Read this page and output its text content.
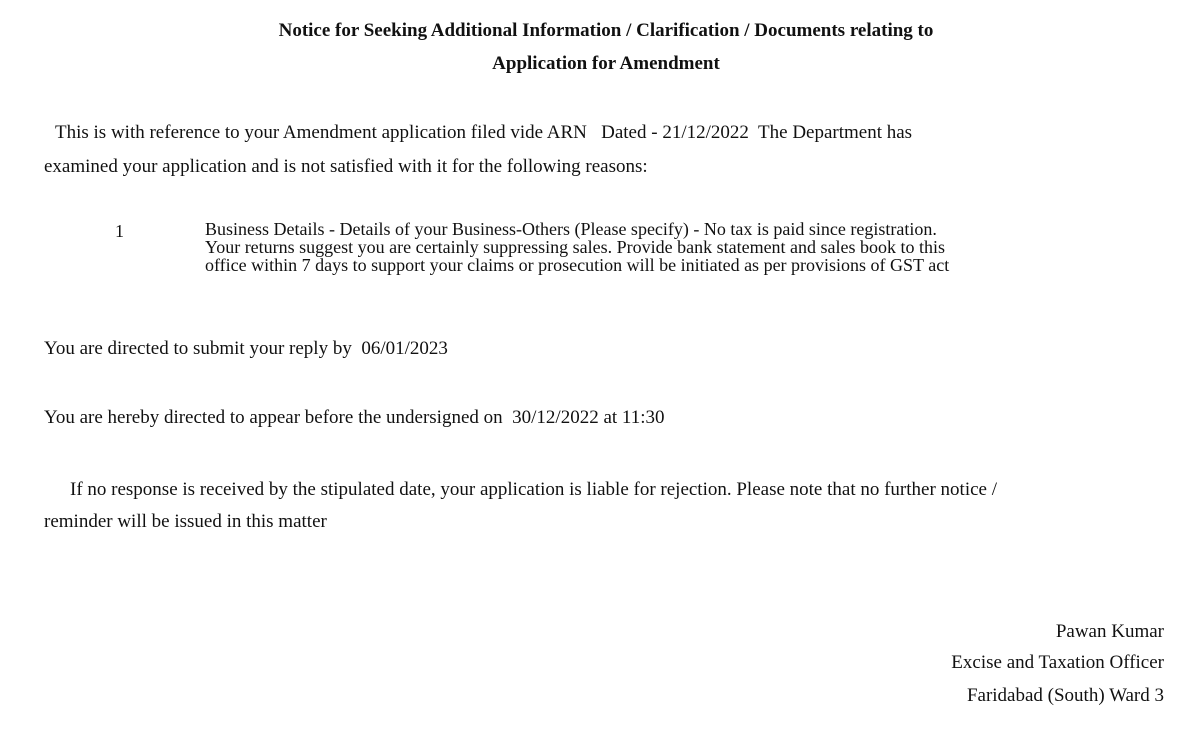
Notice for Seeking Additional Information / Clarification / Documents relating to
Application for Amendment
This is with reference to your Amendment application filed vide ARN   Dated - 21/12/2022  The Department has
examined your application and is not satisfied with it for the following reasons:
1	Business Details - Details of your Business-Others (Please specify) - No tax is paid since registration.
Your returns suggest you are certainly suppressing sales. Provide bank statement and sales book to this
office within 7 days to support your claims or prosecution will be initiated as per provisions of GST act
You are directed to submit your reply by  06/01/2023
You are hereby directed to appear before the undersigned on  30/12/2022 at 11:30
If no response is received by the stipulated date, your application is liable for rejection. Please note that no further notice /
reminder will be issued in this matter
Pawan Kumar
Excise and Taxation Officer
Faridabad (South) Ward 3
